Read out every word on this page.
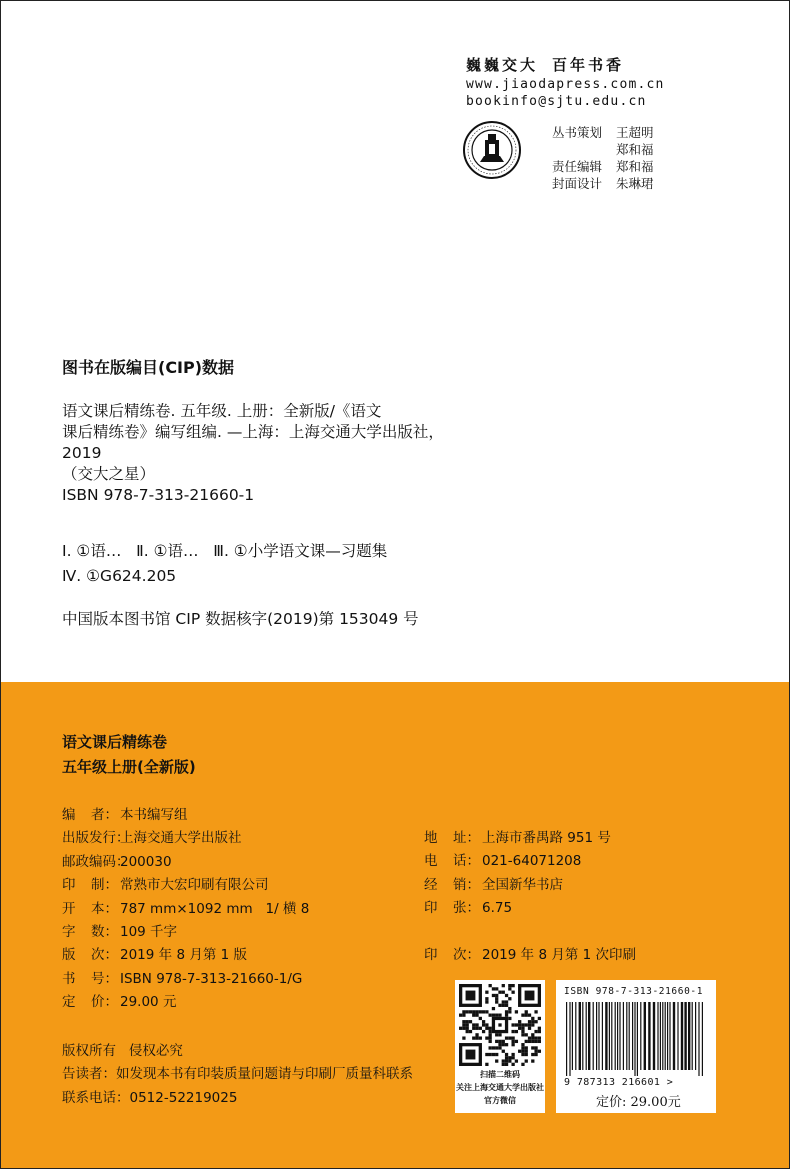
巍巍交大 百年书香
www.jiaodapress.com.cn
bookinfo@sjtu.edu.cn
丛书策划	王超明
郑和福
责任编辑	郑和福
封面设计	朱琳珺
图书在版编目(CIP)数据
语文课后精练卷. 五年级. 上册：全新版/《语文
课后精练卷》编写组编. —上海：上海交通大学出版社，
2019
（交大之星）
ISBN 978-7-313-21660-1
Ⅰ. ①语…   Ⅱ. ①语…   Ⅲ. ①小学语文课—习题集
Ⅳ. ①G624.205
中国版本图书馆 CIP 数据核字(2019)第 153049 号
语文课后精练卷
五年级上册(全新版)
编 者 ：	本书编写组
出版发行 ： 上海交通大学出版社
邮政编码 ： 200030
印 制 ：	常熟市大宏印刷有限公司
开 本 ：	787 mm×1092 mm   1/ 横 8
字 数 ：	109 千字
版 次 ：	2019 年 8 月第 1 版
书 号 ：	ISBN 978-7-313-21660-1/G
定 价 ：	29.00 元
地 址 ：	上海市番禺路 951 号
电 话 ：	021-64071208
经 销 ：	全国新华书店
印 张 ：	6.75
印 次 ：	2019 年 8 月第 1 次印刷
版权所有   侵权必究
告读者：如发现本书有印装质量问题请与印刷厂质量科联系
联系电话：0512-52219025
扫描二维码
关注上海交通大学出版社
官方微信
ISBN 978-7-313-21660-1
9 787313 216601 >
定价: 29.00元
